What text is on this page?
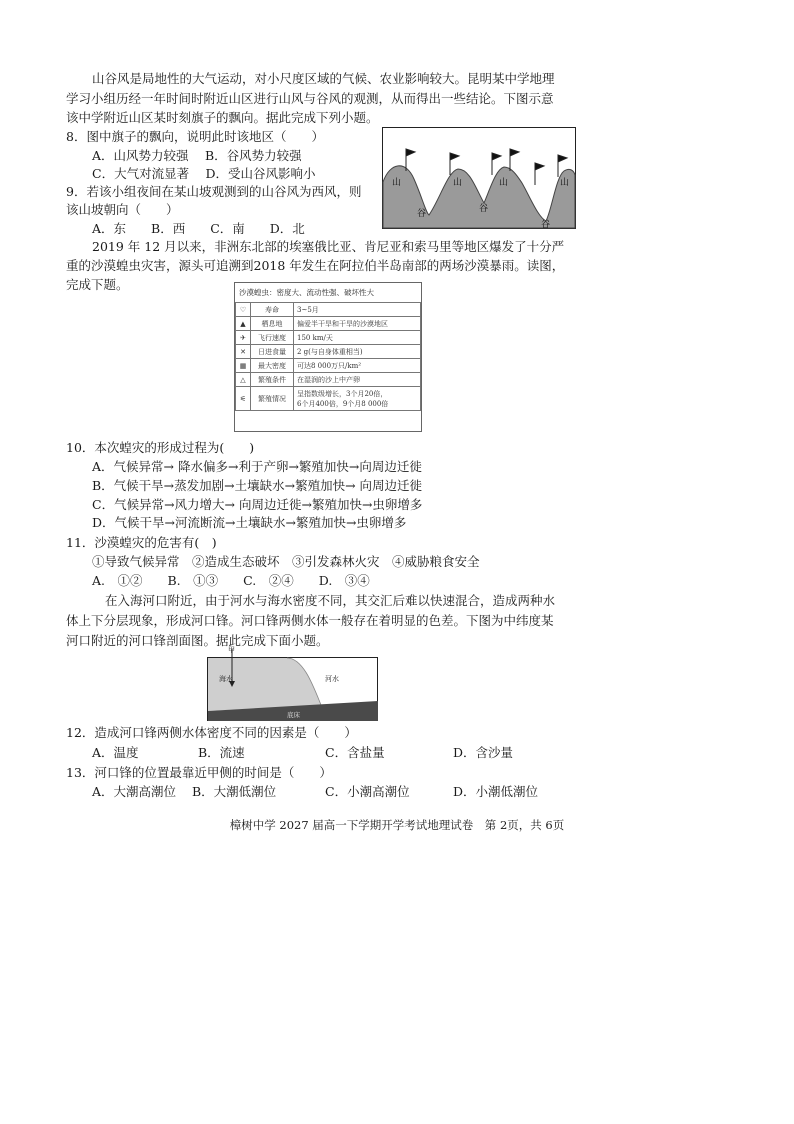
山谷风是局地性的大气运动，对小尺度区域的气候、农业影响较大。昆明某中学地理
学习小组历经一年时间时附近山区进行山风与谷风的观测，从而得出一些结论。下图示意
该中学附近山区某时刻旗子的飘向。据此完成下列小题。
8．图中旗子的飘向，说明此时该地区（　　）
A．山风势力较强　 B．谷风势力较强
C．大气对流显著　 D．受山谷风影响小
9．若该小组夜间在某山坡观测到的山谷风为西风，则
该山坡朝向（　　）
A．东　　B．西　　C．南　　D．北
山	山	山	山
谷	谷
谷
2019 年 12 月以来，非洲东北部的埃塞俄比亚、肯尼亚和索马里等地区爆发了十分严
重的沙漠蝗虫灾害，源头可追溯到2018 年发生在阿拉伯半岛南部的两场沙漠暴雨。读图，
完成下题。
沙漠蝗虫：密度大、流动性强、破坏性大
♡	寿命	3~5月
▲	栖息地	偏爱半干旱和干旱的沙漠地区
✈	飞行速度	150 km/天
✕	日进食量	2 g(与自身体重相当)
▦	最大密度	可达8 000万只/km²
△	繁殖条件	在湿润的沙上中产卵
⚟	繁殖情况	呈指数级增长，3个月20倍，
6个月400倍，9个月8 000倍
10．本次蝗灾的形成过程为(　　)
A．气候异常→ 降水偏多→利于产卵→繁殖加快→向周边迁徙
B．气候干旱→蒸发加剧→土壤缺水→繁殖加快→ 向周边迁徙
C．气候异常→风力增大→ 向周边迁徙→繁殖加快→虫卵增多
D．气候干旱→河流断流→土壤缺水→繁殖加快→虫卵增多
11．沙漠蝗灾的危害有(　)
①导致气候异常　②造成生态破坏　③引发森林火灾　④威胁粮食安全
A.　①②　　B.　①③　　C.　②④　　D.　③④
在入海河口附近，由于河水与海水密度不同，其交汇后难以快速混合，造成两种水
体上下分层现象，形成河口锋。河口锋两侧水体一般存在着明显的色差。下图为中纬度某
河口附近的河口锋剖面图。据此完成下面小题。
甲
海水	河水
底床
12．造成河口锋两侧水体密度不同的因素是（　　）
A．温度	B．流速	C．含盐量	D．含沙量
13．河口锋的位置最靠近甲侧的时间是（　　）
A．大潮高潮位 B．大潮低潮位	C．小潮高潮位	D．小潮低潮位
樟树中学 2027 届高一下学期开学考试地理试卷　第 2页，共 6页
